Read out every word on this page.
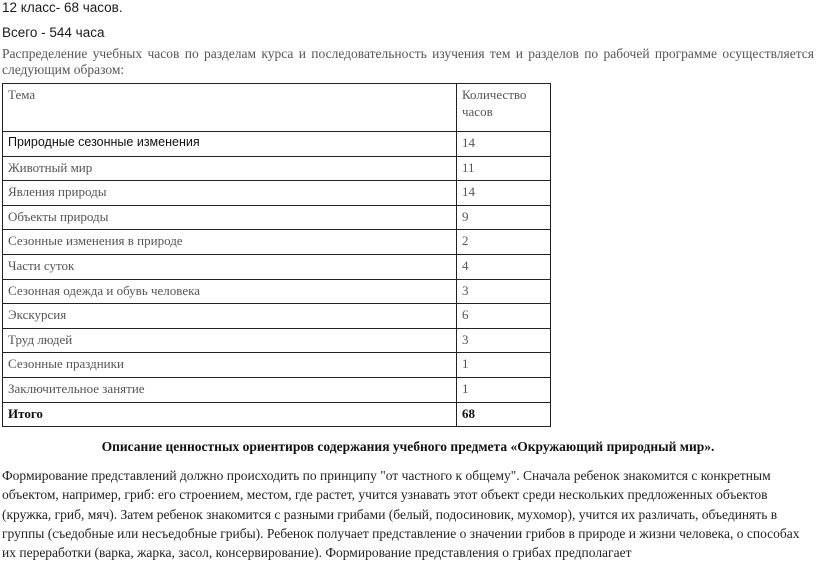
12 класс- 68 часов.
Всего - 544 часа
Распределение учебных часов по разделам курса и последовательность изучения тем и разделов по рабочей программе осуществляется следующим образом:
Тема	Количество часов
Природные сезонные изменения	14
Животный мир	11
Явления природы	14
Объекты природы	9
Сезонные изменения в природе	2
Части суток	4
Сезонная одежда и обувь человека	3
Экскурсия	6
Труд людей	3
Сезонные праздники	1
Заключительное занятие	1
Итого	68
Описание ценностных ориентиров содержания учебного предмета «Окружающий природный мир».
Формирование представлений должно происходить по принципу "от частного к общему". Сначала ребенок знакомится с конкретным объектом, например, гриб: его строением, местом, где растет, учится узнавать этот объект среди нескольких предложенных объектов (кружка, гриб, мяч). Затем ребенок знакомится с разными грибами (белый, подосиновик, мухомор), учится их различать, объединять в группы (съедобные или несъедобные грибы). Ребенок получает представление о значении грибов в природе и жизни человека, о способах их переработки (варка, жарка, засол, консервирование). Формирование представления о грибах предполагает
